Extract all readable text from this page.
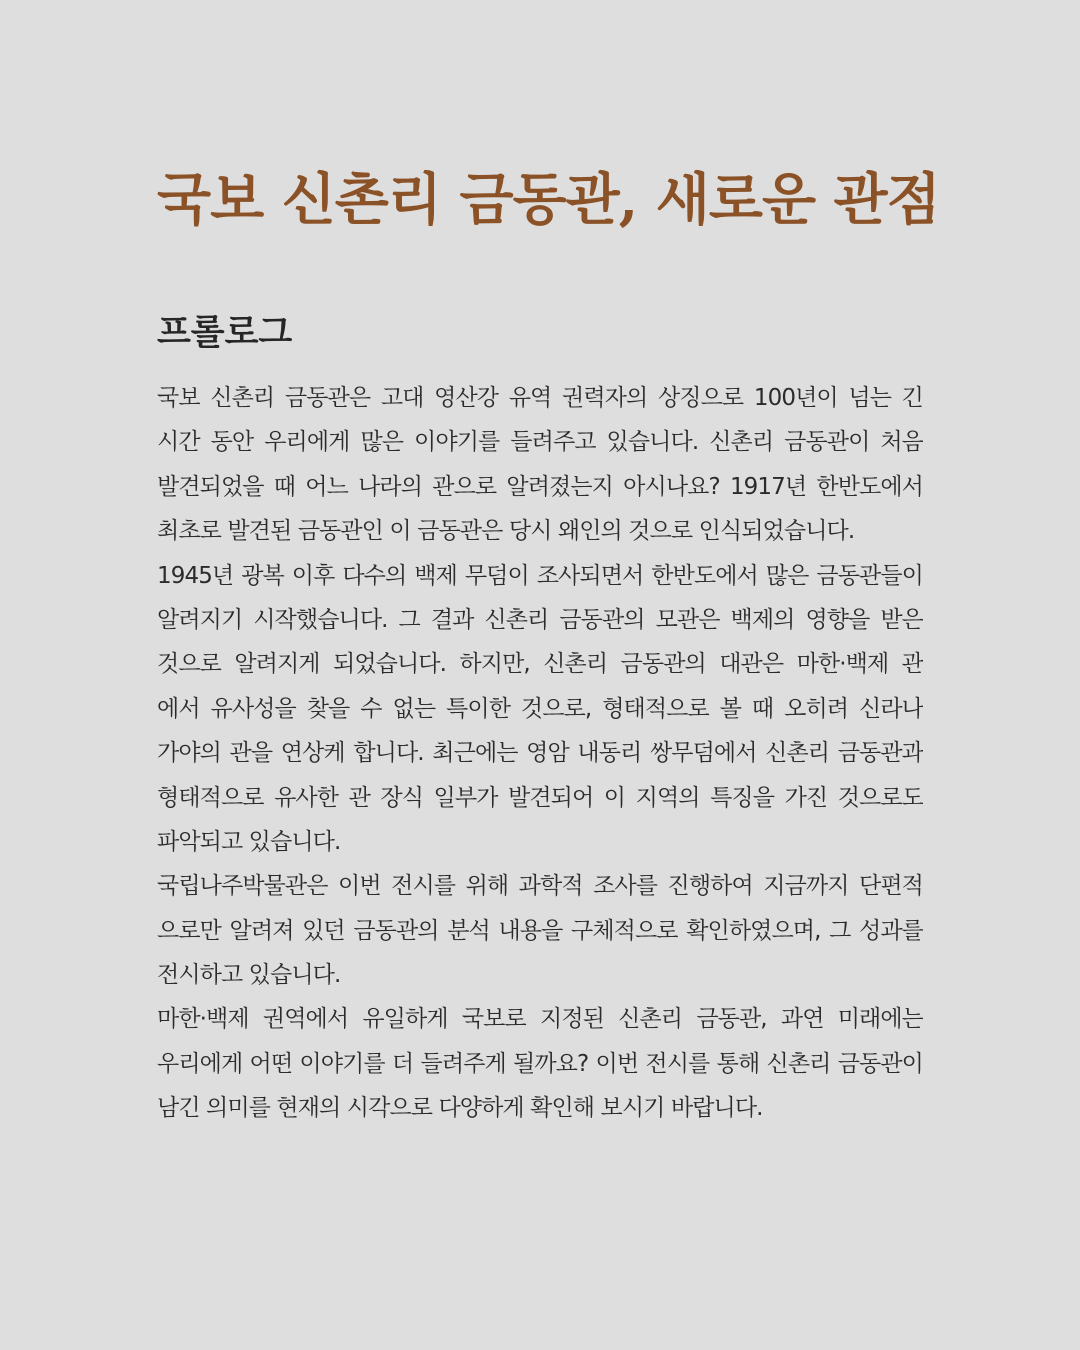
국보 신촌리 금동관, 새로운 관점
프롤로그
국보 신촌리 금동관은 고대 영산강 유역 권력자의 상징으로 100년이 넘는 긴
시간 동안 우리에게 많은 이야기를 들려주고 있습니다. 신촌리 금동관이 처음
발견되었을 때 어느 나라의 관으로 알려졌는지 아시나요? 1917년 한반도에서
최초로 발견된 금동관인 이 금동관은 당시 왜인의 것으로 인식되었습니다.
1945년 광복 이후 다수의 백제 무덤이 조사되면서 한반도에서 많은 금동관들이
알려지기 시작했습니다. 그 결과 신촌리 금동관의 모관은 백제의 영향을 받은
것으로 알려지게 되었습니다. 하지만, 신촌리 금동관의 대관은 마한·백제 관
에서 유사성을 찾을 수 없는 특이한 것으로, 형태적으로 볼 때 오히려 신라나
가야의 관을 연상케 합니다. 최근에는 영암 내동리 쌍무덤에서 신촌리 금동관과
형태적으로 유사한 관 장식 일부가 발견되어 이 지역의 특징을 가진 것으로도
파악되고 있습니다.
국립나주박물관은 이번 전시를 위해 과학적 조사를 진행하여 지금까지 단편적
으로만 알려져 있던 금동관의 분석 내용을 구체적으로 확인하였으며, 그 성과를
전시하고 있습니다.
마한·백제 권역에서 유일하게 국보로 지정된 신촌리 금동관, 과연 미래에는
우리에게 어떤 이야기를 더 들려주게 될까요? 이번 전시를 통해 신촌리 금동관이
남긴 의미를 현재의 시각으로 다양하게 확인해 보시기 바랍니다.
